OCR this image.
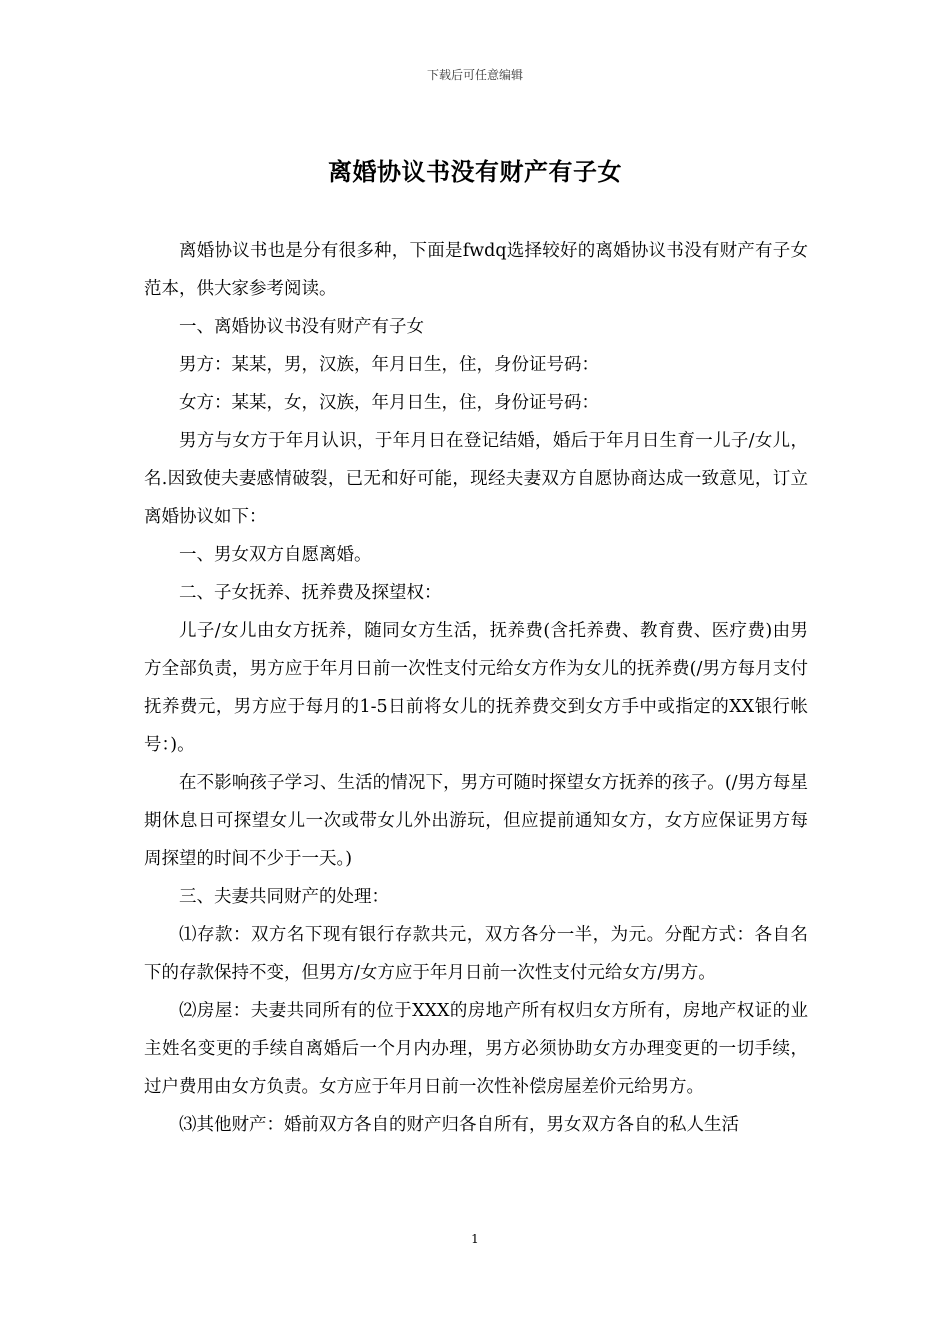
下载后可任意编辑
离婚协议书没有财产有子女

离婚协议书也是分有很多种，下面是fwdq选择较好的离婚协议书没有财产有子女范本，供大家参考阅读。

一、离婚协议书没有财产有子女

男方：某某，男，汉族，年月日生，住，身份证号码：

女方：某某，女，汉族，年月日生，住，身份证号码：

男方与女方于年月认识，于年月日在登记结婚，婚后于年月日生育一儿子/女儿，名.因致使夫妻感情破裂，已无和好可能，现经夫妻双方自愿协商达成一致意见，订立离婚协议如下：

一、男女双方自愿离婚。

二、子女抚养、抚养费及探望权：

儿子/女儿由女方抚养，随同女方生活，抚养费(含托养费、教育费、医疗费)由男方全部负责，男方应于年月日前一次性支付元给女方作为女儿的抚养费(/男方每月支付抚养费元，男方应于每月的1-5日前将女儿的抚养费交到女方手中或指定的XX银行帐号：)。

在不影响孩子学习、生活的情况下，男方可随时探望女方抚养的孩子。(/男方每星期休息日可探望女儿一次或带女儿外出游玩，但应提前通知女方，女方应保证男方每周探望的时间不少于一天。)

三、夫妻共同财产的处理：

⑴存款：双方名下现有银行存款共元，双方各分一半，为元。分配方式：各自名下的存款保持不变，但男方/女方应于年月日前一次性支付元给女方/男方。

⑵房屋：夫妻共同所有的位于XXX的房地产所有权归女方所有，房地产权证的业主姓名变更的手续自离婚后一个月内办理，男方必须协助女方办理变更的一切手续，过户费用由女方负责。女方应于年月日前一次性补偿房屋差价元给男方。

⑶其他财产：婚前双方各自的财产归各自所有，男女双方各自的私人生活

1
